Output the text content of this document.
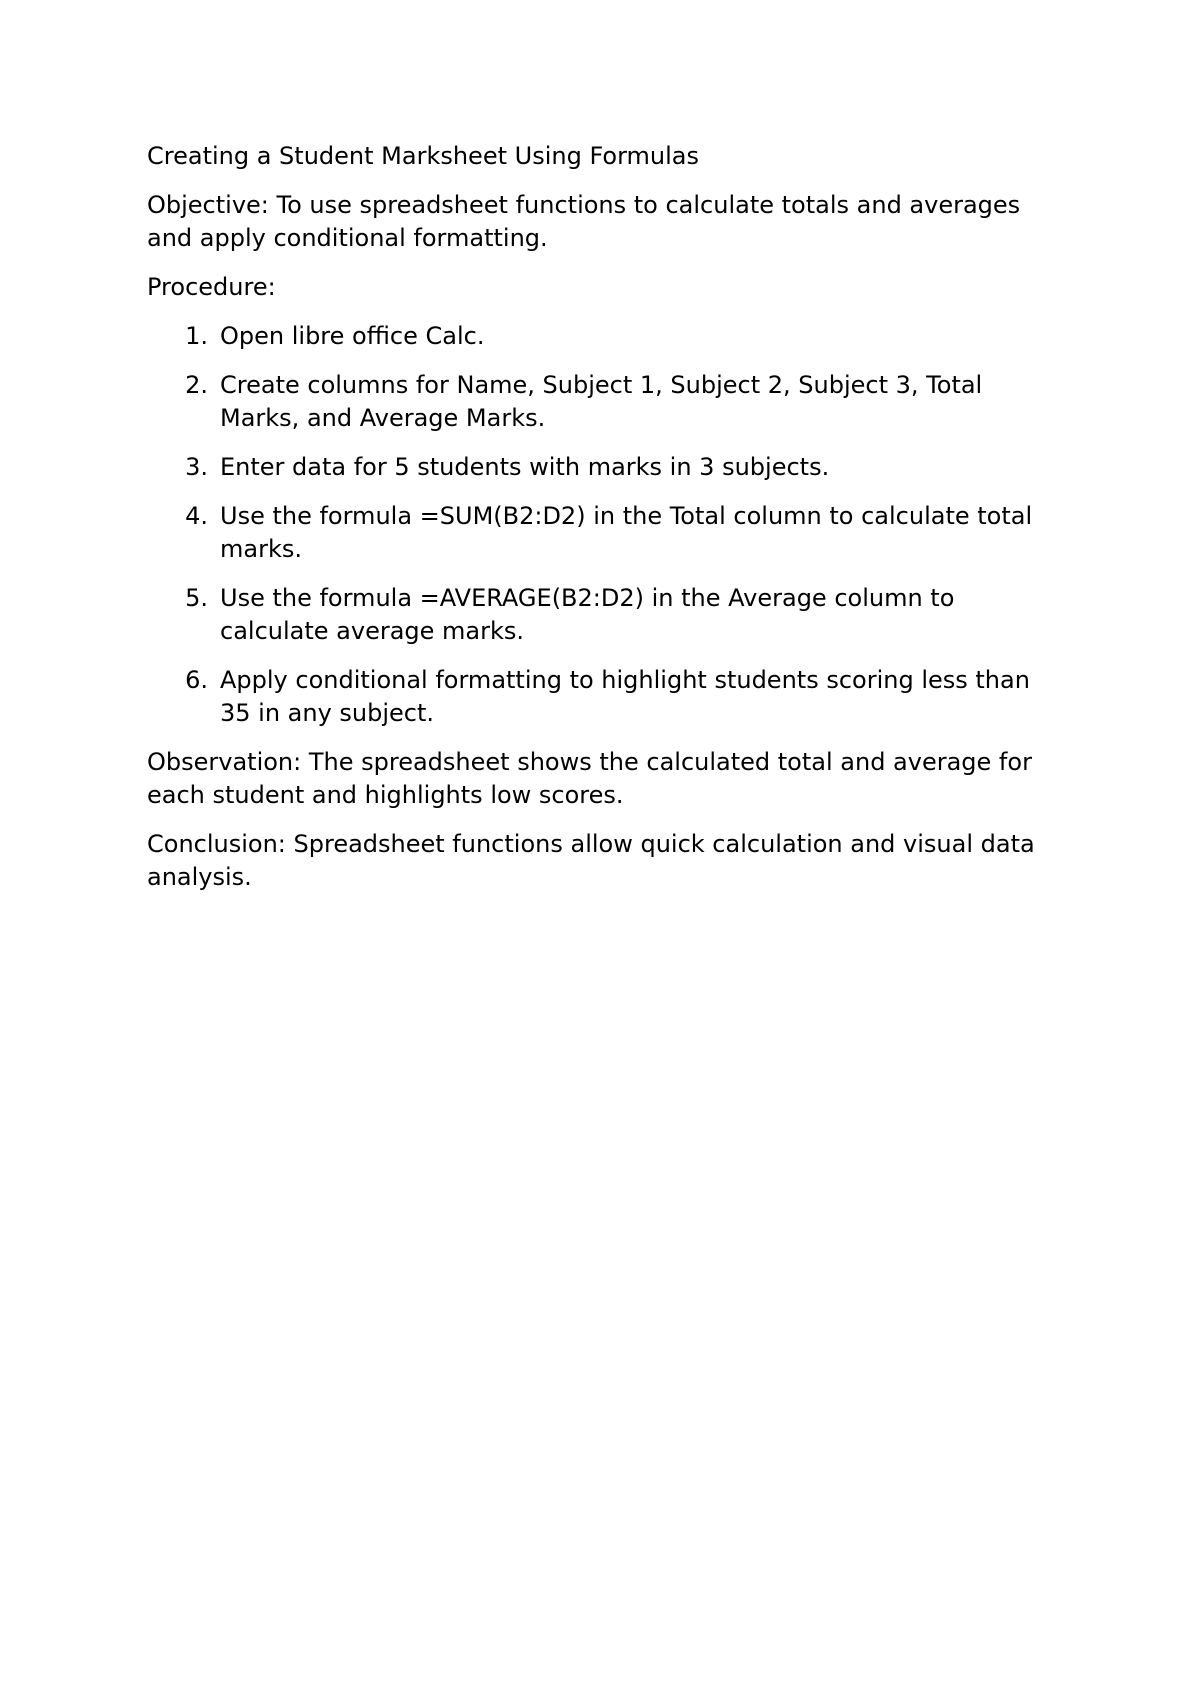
Creating a Student Marksheet Using Formulas

Objective: To use spreadsheet functions to calculate totals and averages and apply conditional formatting.

Procedure:

1. Open libre office Calc.
2. Create columns for Name, Subject 1, Subject 2, Subject 3, Total Marks, and Average Marks.
3. Enter data for 5 students with marks in 3 subjects.
4. Use the formula =SUM(B2:D2) in the Total column to calculate total marks.
5. Use the formula =AVERAGE(B2:D2) in the Average column to calculate average marks.
6. Apply conditional formatting to highlight students scoring less than 35 in any subject.

Observation: The spreadsheet shows the calculated total and average for each student and highlights low scores.

Conclusion: Spreadsheet functions allow quick calculation and visual data analysis.
